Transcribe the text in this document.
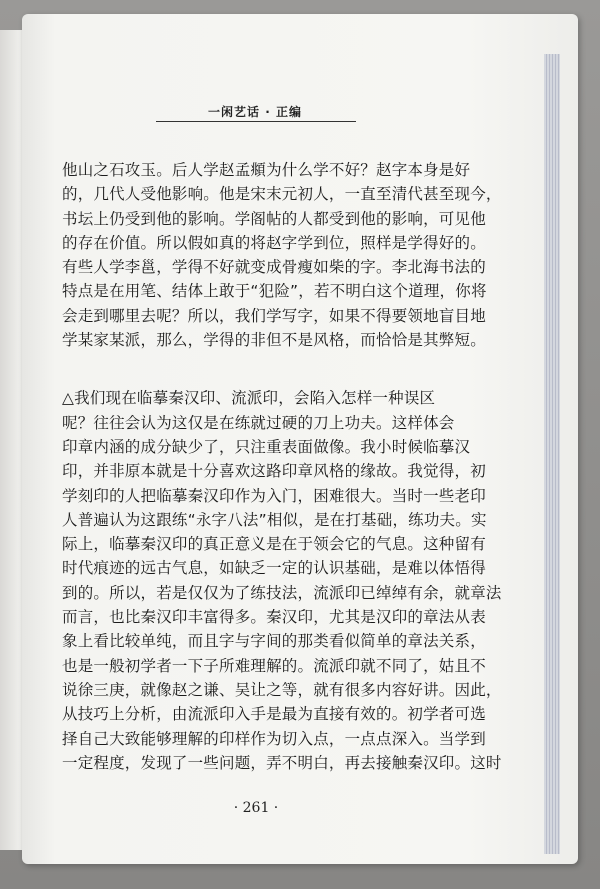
一闲艺话 · 正编
他山之石攻玉。后人学赵孟頫为什么学不好？赵字本身是好
的，几代人受他影响。他是宋末元初人，一直至清代甚至现今，
书坛上仍受到他的影响。学阁帖的人都受到他的影响，可见他
的存在价值。所以假如真的将赵字学到位，照样是学得好的。
有些人学李邕，学得不好就变成骨瘦如柴的字。李北海书法的
特点是在用笔、结体上敢于“犯险”，若不明白这个道理，你将
会走到哪里去呢？所以，我们学写字，如果不得要领地盲目地
学某家某派，那么，学得的非但不是风格，而恰恰是其弊短。
△我们现在临摹秦汉印、流派印，会陷入怎样一种误区
呢？往往会认为这仅是在练就过硬的刀上功夫。这样体会
印章内涵的成分缺少了，只注重表面做像。我小时候临摹汉
印，并非原本就是十分喜欢这路印章风格的缘故。我觉得，初
学刻印的人把临摹秦汉印作为入门，困难很大。当时一些老印
人普遍认为这跟练“永字八法”相似，是在打基础，练功夫。实
际上，临摹秦汉印的真正意义是在于领会它的气息。这种留有
时代痕迹的远古气息，如缺乏一定的认识基础，是难以体悟得
到的。所以，若是仅仅为了练技法，流派印已绰绰有余，就章法
而言，也比秦汉印丰富得多。秦汉印，尤其是汉印的章法从表
象上看比较单纯，而且字与字间的那类看似简单的章法关系，
也是一般初学者一下子所难理解的。流派印就不同了，姑且不
说徐三庚，就像赵之谦、吴让之等，就有很多内容好讲。因此，
从技巧上分析，由流派印入手是最为直接有效的。初学者可选
择自己大致能够理解的印样作为切入点，一点点深入。当学到
一定程度，发现了一些问题，弄不明白，再去接触秦汉印。这时
· 261 ·
